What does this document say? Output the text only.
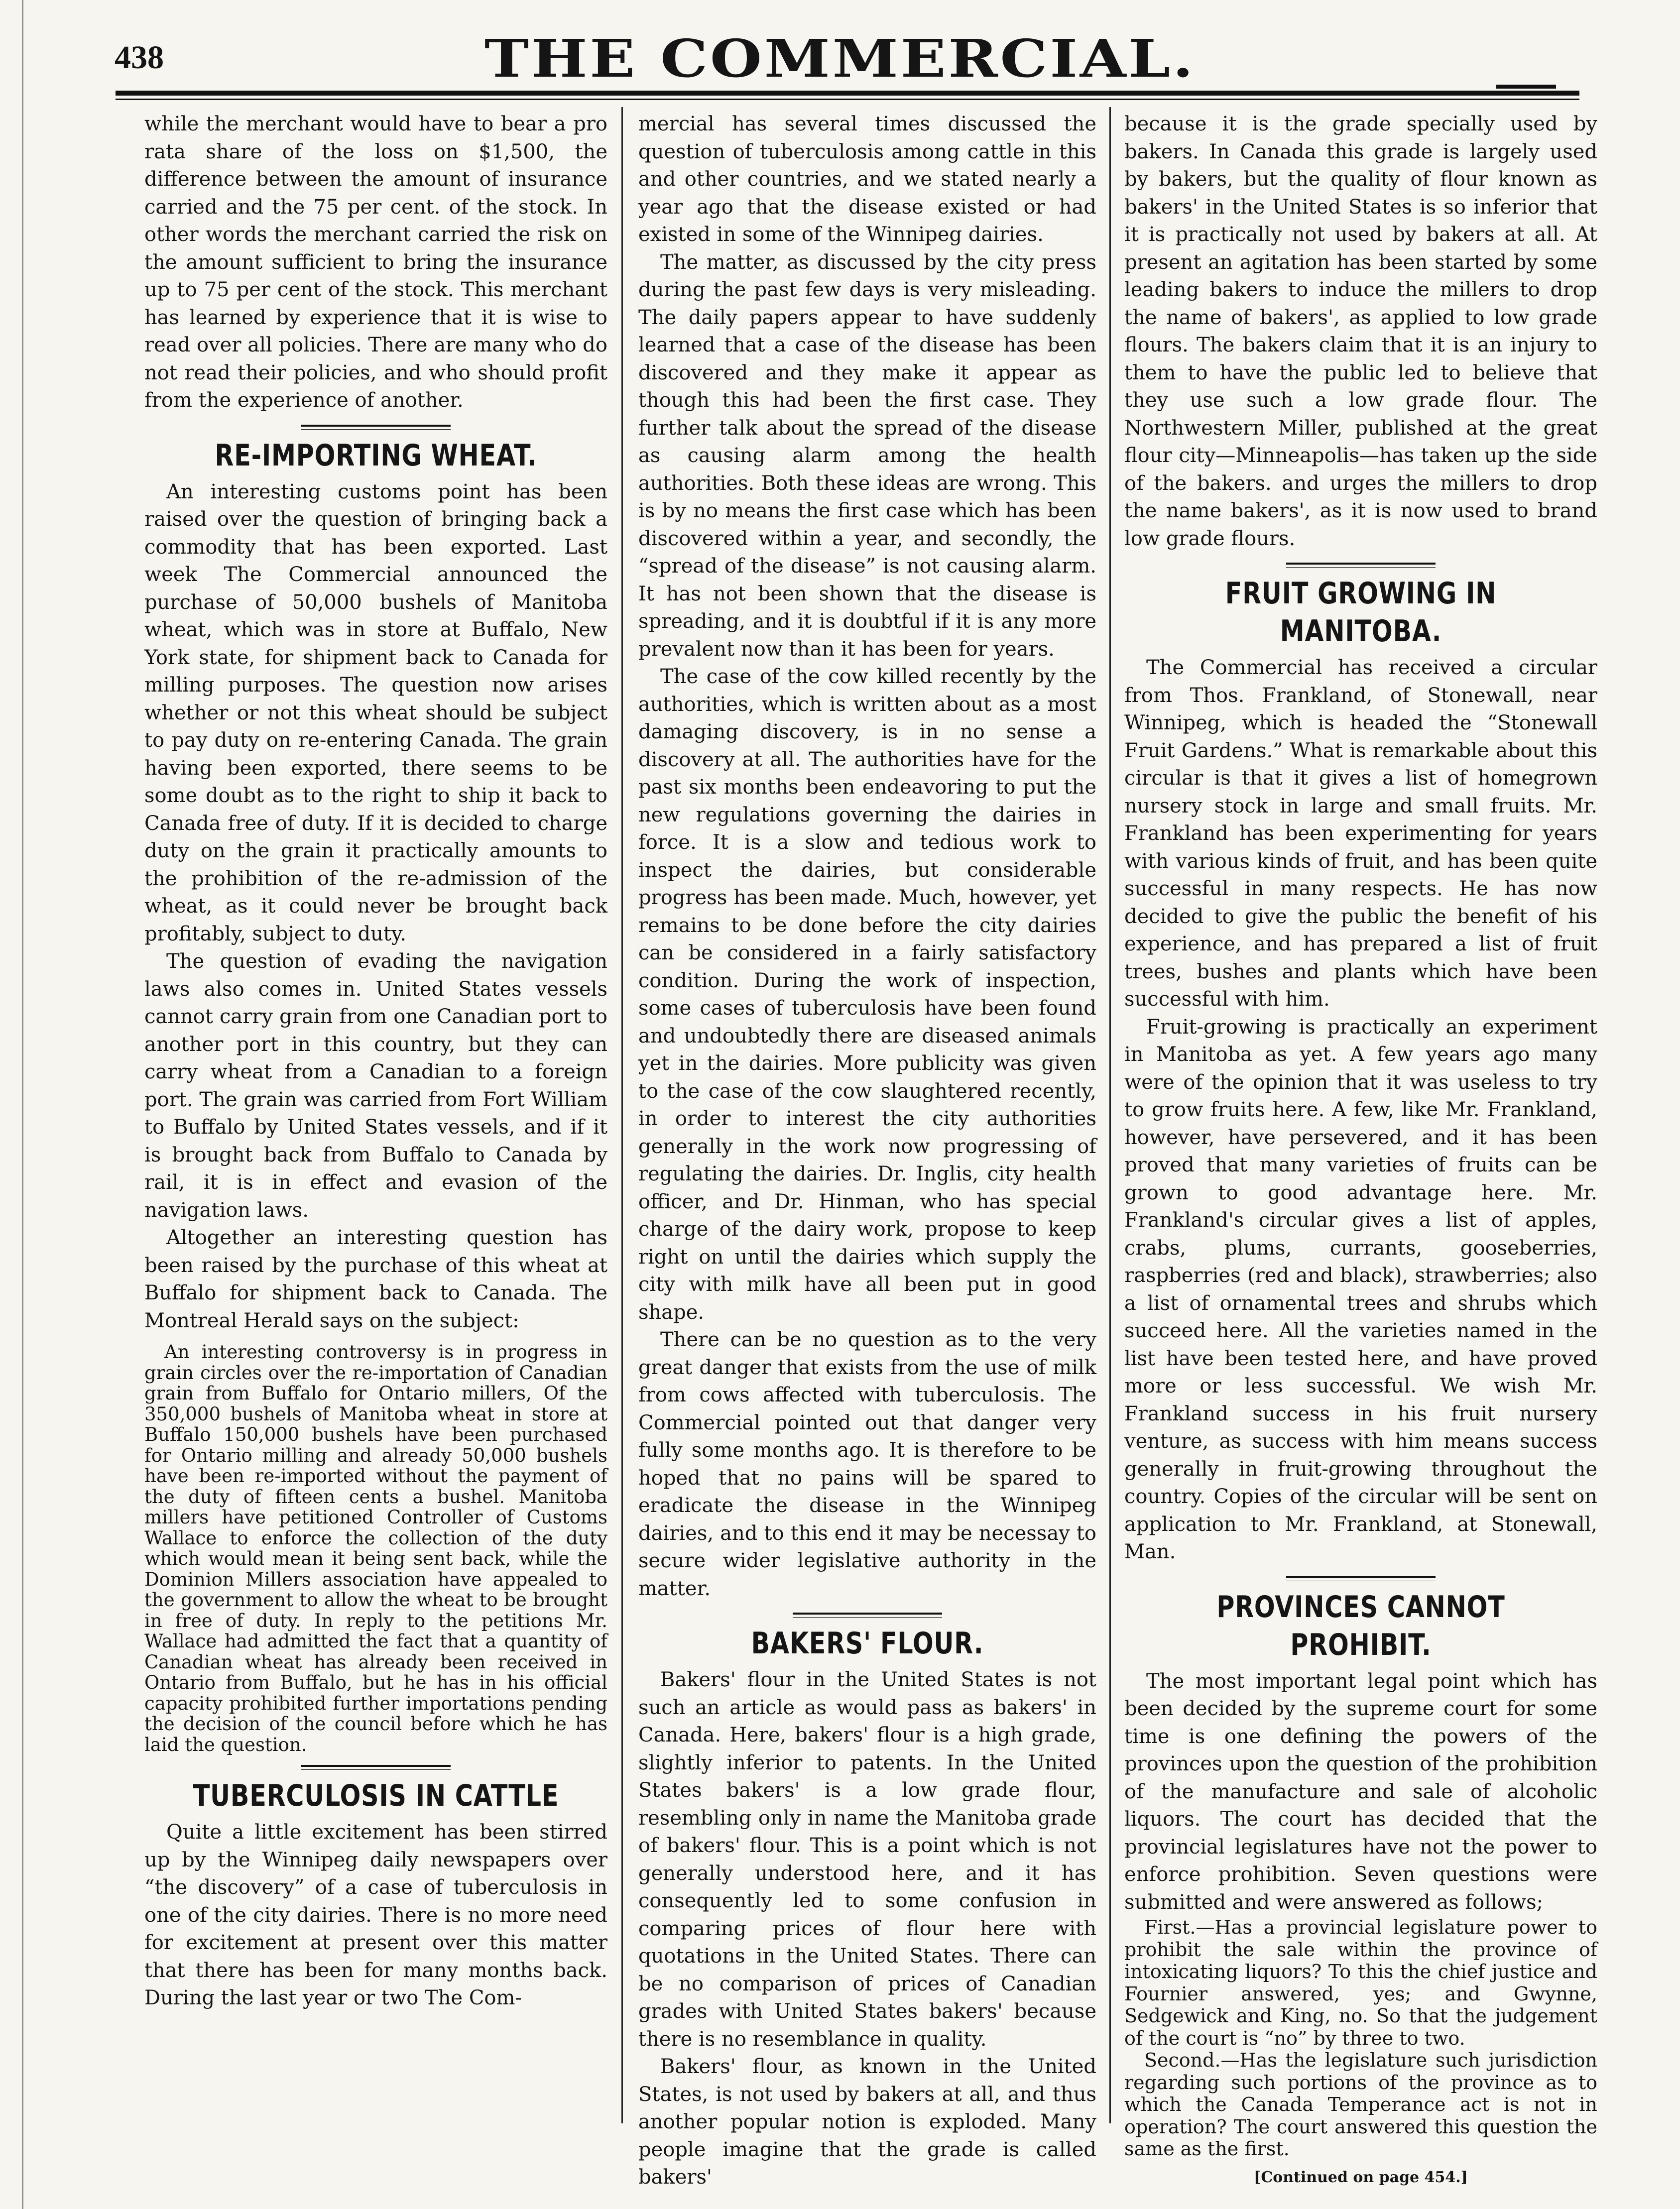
438	THE COMMERCIAL.

while the merchant would have to bear a pro rata share of the loss on $1,500, the difference between the amount of insurance carried and the 75 per cent. of the stock. In other words the merchant carried the risk on the amount sufficient to bring the insurance up to 75 per cent of the stock. This merchant has learned by experience that it is wise to read over all policies. There are many who do not read their policies, and who should profit from the experience of another.

RE-IMPORTING WHEAT.

An interesting customs point has been raised over the question of bringing back a commodity that has been exported. Last week The Commercial announced the purchase of 50,000 bushels of Manitoba wheat, which was in store at Buffalo, New York state, for shipment back to Canada for milling purposes. The question now arises whether or not this wheat should be subject to pay duty on re-entering Canada. The grain having been exported, there seems to be some doubt as to the right to ship it back to Canada free of duty. If it is decided to charge duty on the grain it practically amounts to the prohibition of the re-admission of the wheat, as it could never be brought back profitably, subject to duty.

The question of evading the navigation laws also comes in. United States vessels cannot carry grain from one Canadian port to another port in this country, but they can carry wheat from a Canadian to a foreign port. The grain was carried from Fort William to Buffalo by United States vessels, and if it is brought back from Buffalo to Canada by rail, it is in effect and evasion of the navigation laws.

Altogether an interesting question has been raised by the purchase of this wheat at Buffalo for shipment back to Canada. The Montreal Herald says on the subject:

An interesting controversy is in progress in grain circles over the re-importation of Canadian grain from Buffalo for Ontario millers, Of the 350,000 bushels of Manitoba wheat in store at Buffalo 150,000 bushels have been purchased for Ontario milling and already 50,000 bushels have been re-imported without the payment of the duty of fifteen cents a bushel. Manitoba millers have petitioned Controller of Customs Wallace to enforce the collection of the duty which would mean it being sent back, while the Dominion Millers association have appealed to the government to allow the wheat to be brought in free of duty. In reply to the petitions Mr. Wallace had admitted the fact that a quantity of Canadian wheat has already been received in Ontario from Buffalo, but he has in his official capacity prohibited further importations pending the decision of the council before which he has laid the question.

TUBERCULOSIS IN CATTLE

Quite a little excitement has been stirred up by the Winnipeg daily newspapers over “the discovery” of a case of tuberculosis in one of the city dairies. There is no more need for excitement at present over this matter that there has been for many months back. During the last year or two The Com-

mercial has several times discussed the question of tuberculosis among cattle in this and other countries, and we stated nearly a year ago that the disease existed or had existed in some of the Winnipeg dairies.

The matter, as discussed by the city press during the past few days is very misleading. The daily papers appear to have suddenly learned that a case of the disease has been discovered and they make it appear as though this had been the first case. They further talk about the spread of the disease as causing alarm among the health authorities. Both these ideas are wrong. This is by no means the first case which has been discovered within a year, and secondly, the “spread of the disease” is not causing alarm. It has not been shown that the disease is spreading, and it is doubtful if it is any more prevalent now than it has been for years.

The case of the cow killed recently by the authorities, which is written about as a most damaging discovery, is in no sense a discovery at all. The authorities have for the past six months been endeavoring to put the new regulations governing the dairies in force. It is a slow and tedious work to inspect the dairies, but considerable progress has been made. Much, however, yet remains to be done before the city dairies can be considered in a fairly satisfactory condition. During the work of inspection, some cases of tuberculosis have been found and undoubtedly there are diseased animals yet in the dairies. More publicity was given to the case of the cow slaughtered recently, in order to interest the city authorities generally in the work now progressing of regulating the dairies. Dr. Inglis, city health officer, and Dr. Hinman, who has special charge of the dairy work, propose to keep right on until the dairies which supply the city with milk have all been put in good shape.

There can be no question as to the very great danger that exists from the use of milk from cows affected with tuberculosis. The Commercial pointed out that danger very fully some months ago. It is therefore to be hoped that no pains will be spared to eradicate the disease in the Winnipeg dairies, and to this end it may be necessay to secure wider legislative authority in the matter.

BAKERS' FLOUR.

Bakers' flour in the United States is not such an article as would pass as bakers' in Canada. Here, bakers' flour is a high grade, slightly inferior to patents. In the United States bakers' is a low grade flour, resembling only in name the Manitoba grade of bakers' flour. This is a point which is not generally understood here, and it has consequently led to some confusion in comparing prices of flour here with quotations in the United States. There can be no comparison of prices of Canadian grades with United States bakers' because there is no resemblance in quality.

Bakers' flour, as known in the United States, is not used by bakers at all, and thus another popular notion is exploded. Many people imagine that the grade is called bakers'

because it is the grade specially used by bakers. In Canada this grade is largely used by bakers, but the quality of flour known as bakers' in the United States is so inferior that it is practically not used by bakers at all. At present an agitation has been started by some leading bakers to induce the millers to drop the name of bakers', as applied to low grade flours. The bakers claim that it is an injury to them to have the public led to believe that they use such a low grade flour. The Northwestern Miller, published at the great flour city—Minneapolis—has taken up the side of the bakers. and urges the millers to drop the name bakers', as it is now used to brand low grade flours.

FRUIT GROWING IN MANITOBA.

The Commercial has received a circular from Thos. Frankland, of Stonewall, near Winnipeg, which is headed the “Stonewall Fruit Gardens.” What is remarkable about this circular is that it gives a list of homegrown nursery stock in large and small fruits. Mr. Frankland has been experimenting for years with various kinds of fruit, and has been quite successful in many respects. He has now decided to give the public the benefit of his experience, and has prepared a list of fruit trees, bushes and plants which have been successful with him.

Fruit-growing is practically an experiment in Manitoba as yet. A few years ago many were of the opinion that it was useless to try to grow fruits here. A few, like Mr. Frankland, however, have persevered, and it has been proved that many varieties of fruits can be grown to good advantage here. Mr. Frankland's circular gives a list of apples, crabs, plums, currants, gooseberries, raspberries (red and black), strawberries; also a list of ornamental trees and shrubs which succeed here. All the varieties named in the list have been tested here, and have proved more or less successful. We wish Mr. Frankland success in his fruit nursery venture, as success with him means success generally in fruit-growing throughout the country. Copies of the circular will be sent on application to Mr. Frankland, at Stonewall, Man.

PROVINCES CANNOT PROHIBIT.

The most important legal point which has been decided by the supreme court for some time is one defining the powers of the provinces upon the question of the prohibition of the manufacture and sale of alcoholic liquors. The court has decided that the provincial legislatures have not the power to enforce prohibition. Seven questions were submitted and were answered as follows;

First.—Has a provincial legislature power to prohibit the sale within the province of intoxicating liquors? To this the chief justice and Fournier answered, yes; and Gwynne, Sedgewick and King, no. So that the judgement of the court is “no” by three to two.

Second.—Has the legislature such jurisdiction regarding such portions of the province as to which the Canada Temperance act is not in operation? The court answered this question the same as the first.

[Continued on page 454.]
